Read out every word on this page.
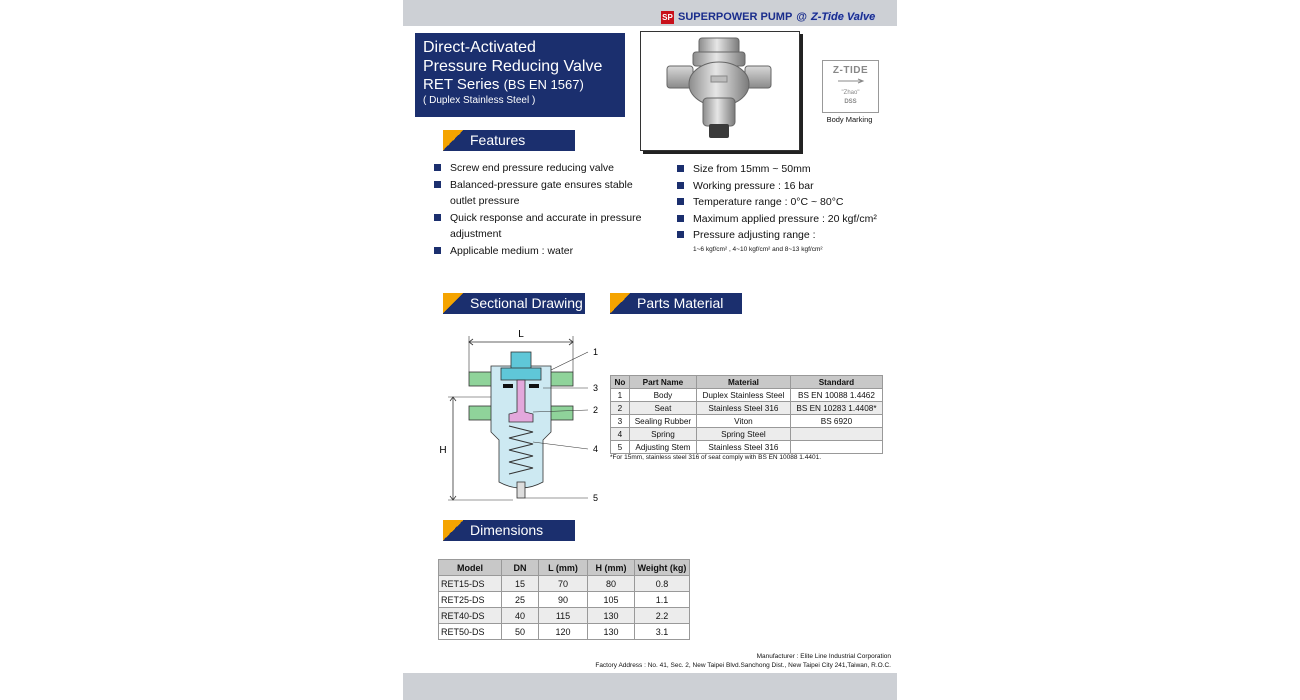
SP SUPERPOWER PUMP @ Z-Tide Valve
Direct-Activated
Pressure Reducing Valve
RET Series (BS EN 1567)
( Duplex Stainless Steel )
Z-TIDE
"Zhao"
DSS
Body Marking
Features
Screw end pressure reducing valve
Balanced-pressure gate ensures stable
outlet pressure
Quick response and accurate in pressure
adjustment
Applicable medium : water
Size from 15mm ~ 50mm
Working pressure : 16 bar
Temperature range : 0°C ~ 80°C
Maximum applied pressure : 20 kgf/cm²
Pressure adjusting range :
1~6 kgf/cm² , 4~10 kgf/cm² and 8~13 kgf/cm²
Sectional Drawing	Parts Material
L
H
1
3
2
4
5
No	Part Name	Material	Standard
1	Body	Duplex Stainless Steel	BS EN 10088 1.4462
2	Seat	Stainless Steel 316	BS EN 10283 1.4408*
3	Sealing Rubber	Viton	BS 6920
4	Spring	Spring Steel	
5	Adjusting Stem	Stainless Steel 316	
*For 15mm, stainless steel 316 of seat comply with BS EN 10088 1.4401.
Dimensions
Model	DN	L (mm)	H (mm)	Weight (kg)
RET15-DS	15	70	80	0.8
RET25-DS	25	90	105	1.1
RET40-DS	40	115	130	2.2
RET50-DS	50	120	130	3.1
Manufacturer : Elite Line Industrial Corporation
Factory Address : No. 41, Sec. 2, New Taipei Blvd.Sanchong Dist., New Taipei City 241,Taiwan, R.O.C.
